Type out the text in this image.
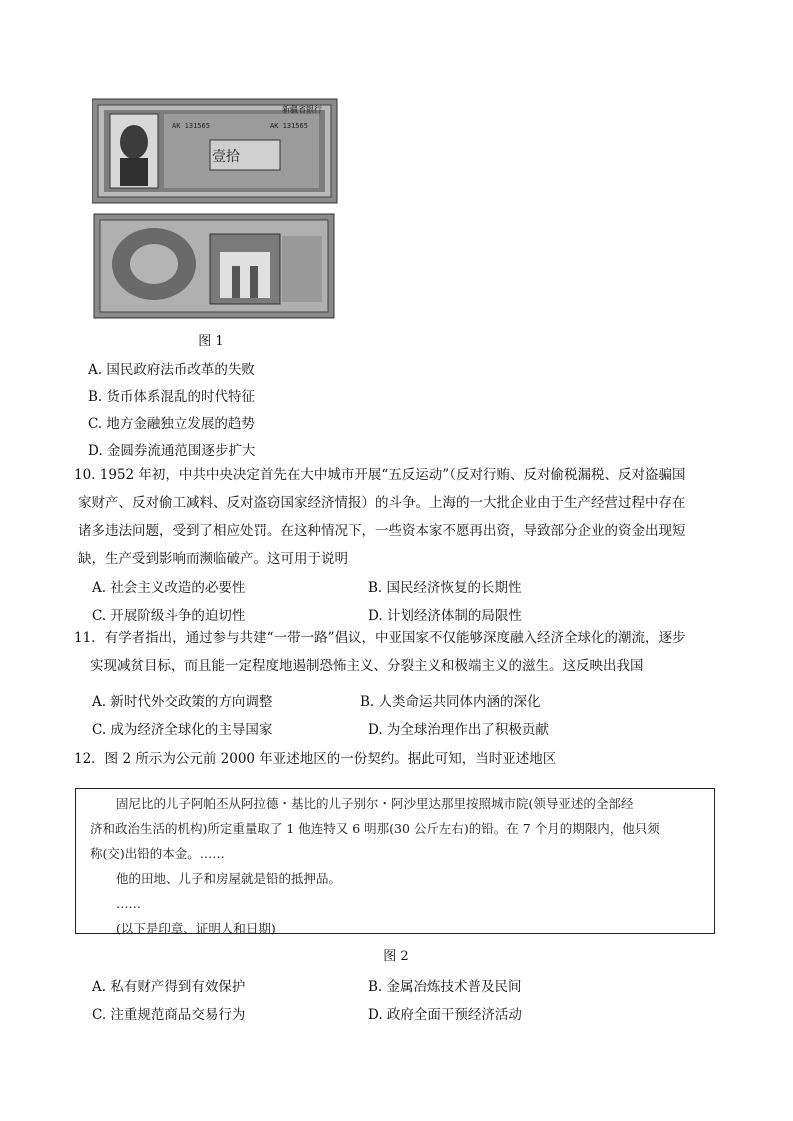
壹拾
AK 131565	AK 131565
新疆省银行
图 1
A. 国民政府法币改革的失败
B. 货币体系混乱的时代特征
C. 地方金融独立发展的趋势
D. 金圆券流通范围逐步扩大
10. 1952 年初，中共中央决定首先在大中城市开展“五反运动”（反对行贿、反对偷税漏税、反对盗骗国
家财产、反对偷工减料、反对盗窃国家经济情报）的斗争。上海的一大批企业由于生产经营过程中存在
诸多违法问题，受到了相应处罚。在这种情况下，一些资本家不愿再出资，导致部分企业的资金出现短
缺，生产受到影响而濒临破产。这可用于说明
A. 社会主义改造的必要性	B. 国民经济恢复的长期性
C. 开展阶级斗争的迫切性	D. 计划经济体制的局限性
11．有学者指出，通过参与共建“一带一路”倡议，中亚国家不仅能够深度融入经济全球化的潮流，逐步
实现减贫目标，而且能一定程度地遏制恐怖主义、分裂主义和极端主义的滋生。这反映出我国
A. 新时代外交政策的方向调整	B. 人类命运共同体内涵的深化
C. 成为经济全球化的主导国家	D. 为全球治理作出了积极贡献
12．图 2 所示为公元前 2000 年亚述地区的一份契约。据此可知，当时亚述地区

固尼比的儿子阿帕丕从阿拉德・基比的儿子别尔・阿沙里达那里按照城市院(领导亚述的全部经

济和政治生活的机构)所定重量取了 1 他连特又 6 明那(30 公斤左右)的铅。在 7 个月的期限内，他只须

称(交)出铅的本金。……

他的田地、儿子和房屋就是铅的抵押品。

……

(以下是印章、证明人和日期)

图 2
A. 私有财产得到有效保护	B. 金属冶炼技术普及民间
C. 注重规范商品交易行为	D. 政府全面干预经济活动
